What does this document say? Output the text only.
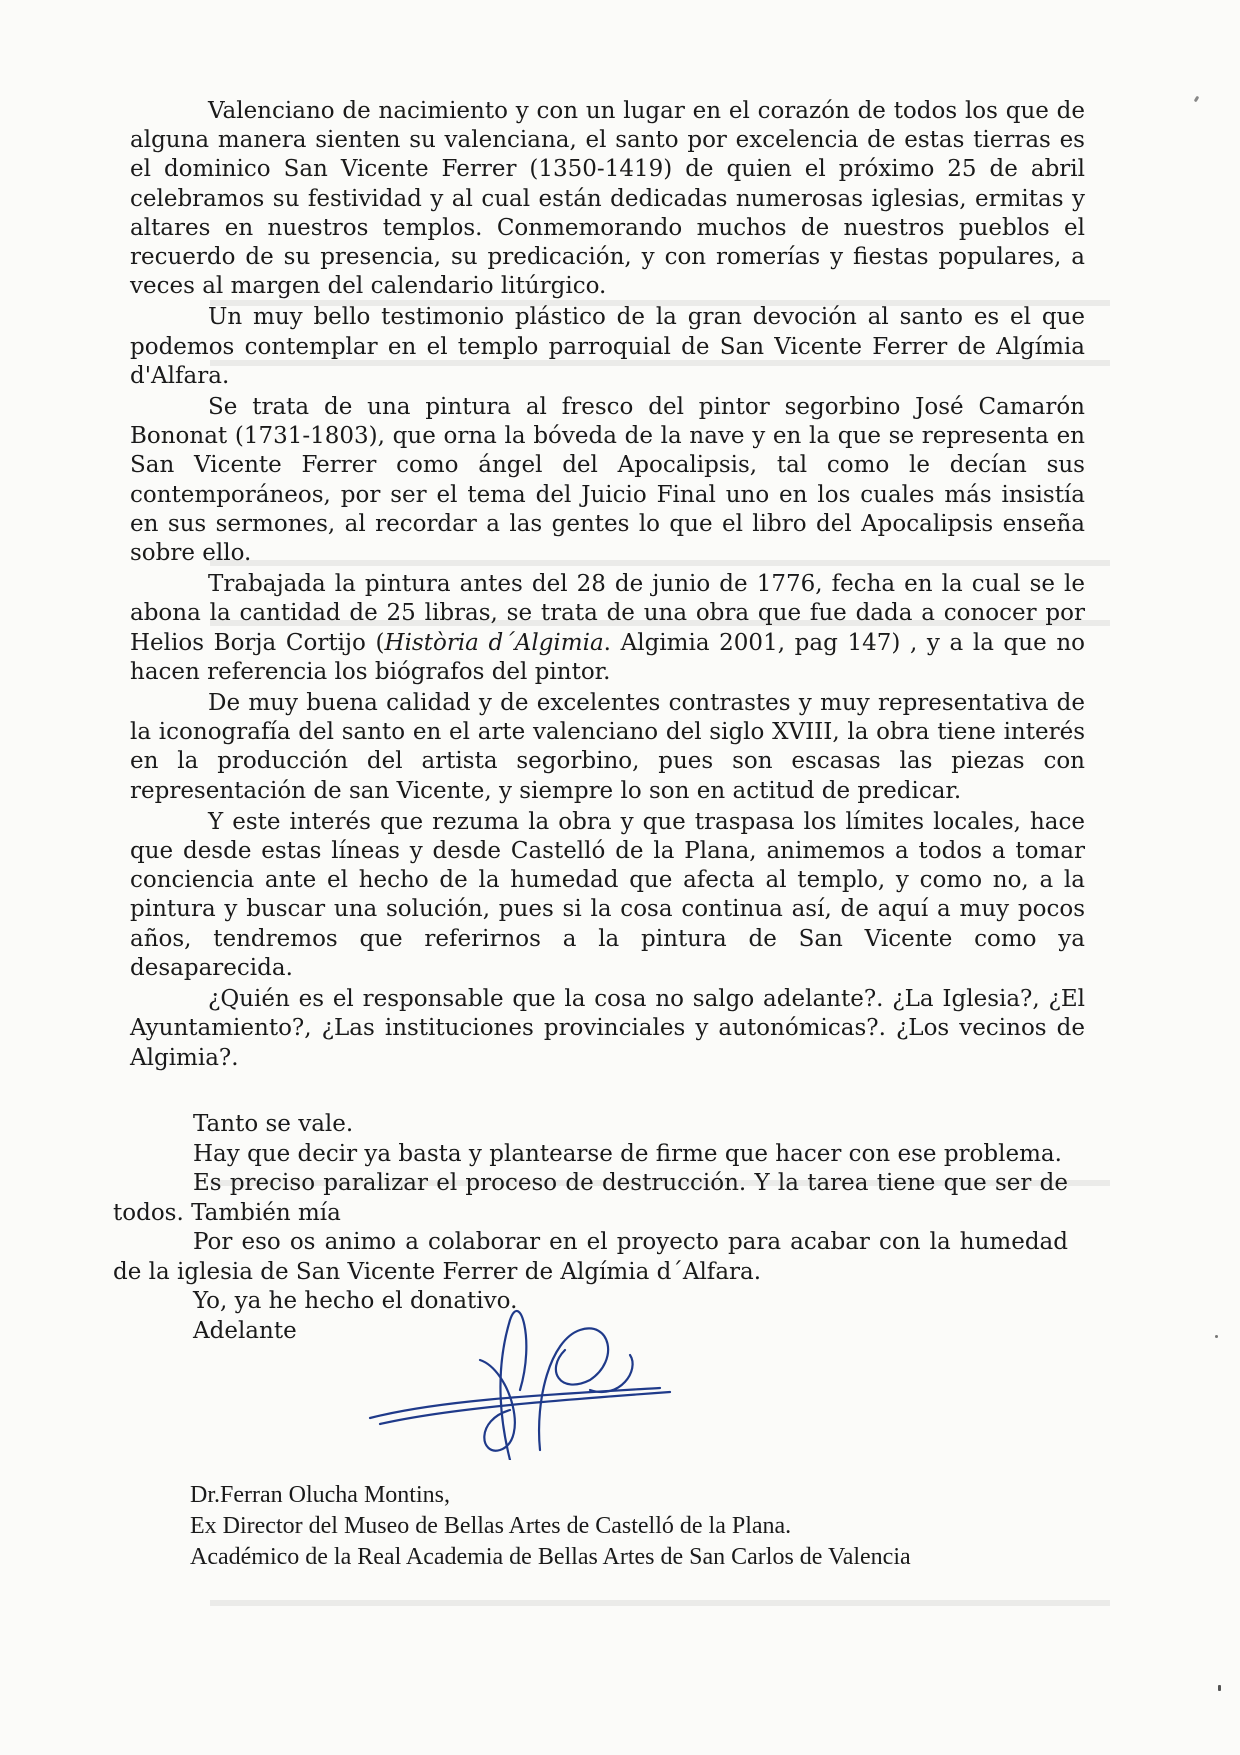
Valenciano de nacimiento y con un lugar en el corazón de todos los que de alguna manera sienten su valenciana, el santo por excelencia de estas tierras es el dominico San Vicente Ferrer (1350-1419) de quien el próximo 25 de abril celebramos su festividad y al cual están dedicadas numerosas iglesias, ermitas y altares en nuestros templos. Conmemorando muchos de nuestros pueblos el recuerdo de su presencia, su predicación, y con romerías y fiestas populares, a veces al margen del calendario litúrgico.

Un muy bello testimonio plástico de la gran devoción al santo es el que podemos contemplar en el templo parroquial de San Vicente Ferrer de Algímia d'Alfara.

Se trata de una pintura al fresco del pintor segorbino José Camarón Bononat (1731-1803), que orna la bóveda de la nave y en la que se representa en San Vicente Ferrer como ángel del Apocalipsis, tal como le decían sus contemporáneos, por ser el tema del Juicio Final uno en los cuales más insistía en sus sermones, al recordar a las gentes lo que el libro del Apocalipsis enseña sobre ello.

Trabajada la pintura antes del 28 de junio de 1776, fecha en la cual se le abona la cantidad de 25 libras, se trata de una obra que fue dada a conocer por Helios Borja Cortijo (Història d´Algimia. Algimia 2001, pag 147) , y a la que no hacen referencia los biógrafos del pintor.

De muy buena calidad y de excelentes contrastes y muy representativa de la iconografía del santo en el arte valenciano del siglo XVIII, la obra tiene interés en la producción del artista segorbino, pues son escasas las piezas con representación de san Vicente, y siempre lo son en actitud de predicar.

Y este interés que rezuma la obra y que traspasa los límites locales, hace que desde estas líneas y desde Castelló de la Plana, animemos a todos a tomar conciencia ante el hecho de la humedad que afecta al templo, y como no, a la pintura y buscar una solución, pues si la cosa continua así, de aquí a muy pocos años, tendremos que referirnos a la pintura de San Vicente como ya desaparecida.

¿Quién es el responsable que la cosa no salgo adelante?. ¿La Iglesia?, ¿El Ayuntamiento?, ¿Las instituciones provinciales y autonómicas?. ¿Los vecinos de Algimia?.

Tanto se vale.
Hay que decir ya basta y plantearse de firme que hacer con ese problema.
Es preciso paralizar el proceso de destrucción. Y la tarea tiene que ser de todos. También mía
Por eso os animo a colaborar en el proyecto para acabar con la humedad de la iglesia de San Vicente Ferrer de Algímia d´Alfara.
Yo, ya he hecho el donativo.
Adelante
Dr.Ferran Olucha Montins,
Ex Director del Museo de Bellas Artes de Castelló de la Plana.
Académico de la Real Academia de Bellas Artes de San Carlos de Valencia
